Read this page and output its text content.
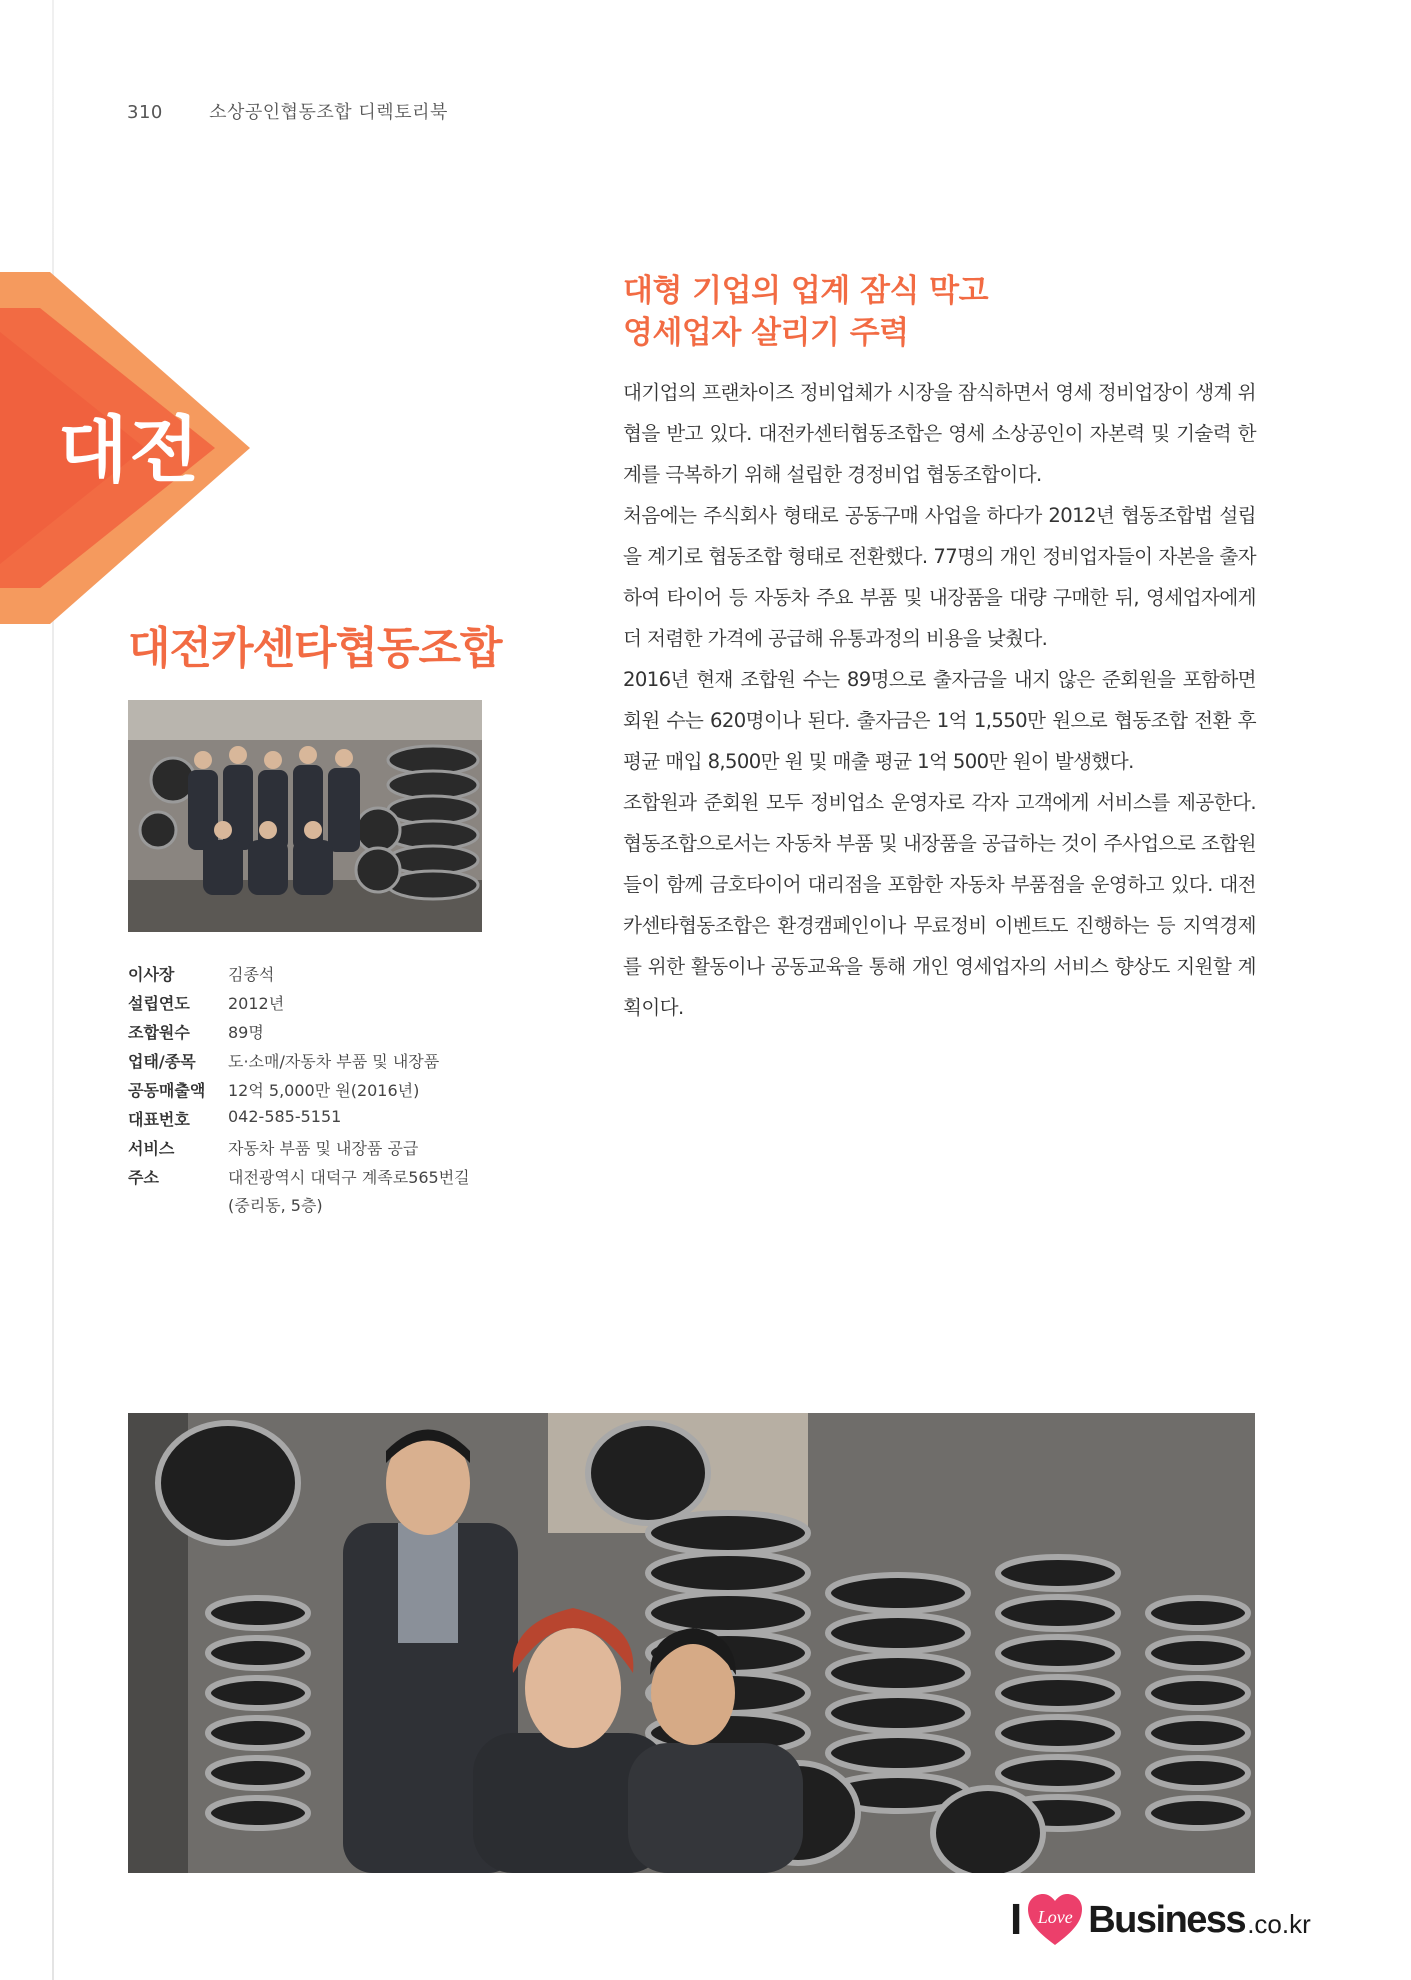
310	소상공인협동조합 디렉토리북
대전
대전카센타협동조합
이사장	김종석
설립연도	2012년
조합원수	89명
업태/종목	도·소매/자동차 부품 및 내장품
공동매출액	12억 5,000만 원(2016년)
대표번호	042-585-5151
서비스	자동차 부품 및 내장품 공급
주소	대전광역시 대덕구 계족로565번길
(중리동, 5층)
대형 기업의 업계 잠식 막고
영세업자 살리기 주력

대기업의 프랜차이즈 정비업체가 시장을 잠식하면서 영세 정비업장이 생계 위협을 받고 있다. 대전카센터협동조합은 영세 소상공인이 자본력 및 기술력 한계를 극복하기 위해 설립한 경정비업 협동조합이다.

처음에는 주식회사 형태로 공동구매 사업을 하다가 2012년 협동조합법 설립을 계기로 협동조합 형태로 전환했다. 77명의 개인 정비업자들이 자본을 출자하여 타이어 등 자동차 주요 부품 및 내장품을 대량 구매한 뒤, 영세업자에게 더 저렴한 가격에 공급해 유통과정의 비용을 낮췄다.

2016년 현재 조합원 수는 89명으로 출자금을 내지 않은 준회원을 포함하면 회원 수는 620명이나 된다. 출자금은 1억 1,550만 원으로 협동조합 전환 후 평균 매입 8,500만 원 및 매출 평균 1억 500만 원이 발생했다.

조합원과 준회원 모두 정비업소 운영자로 각자 고객에게 서비스를 제공한다. 협동조합으로서는 자동차 부품 및 내장품을 공급하는 것이 주사업으로 조합원들이 함께 금호타이어 대리점을 포함한 자동차 부품점을 운영하고 있다. 대전카센타협동조합은 환경캠페인이나 무료정비 이벤트도 진행하는 등 지역경제를 위한 활동이나 공동교육을 통해 개인 영세업자의 서비스 향상도 지원할 계획이다.

I Love Business .co.kr
